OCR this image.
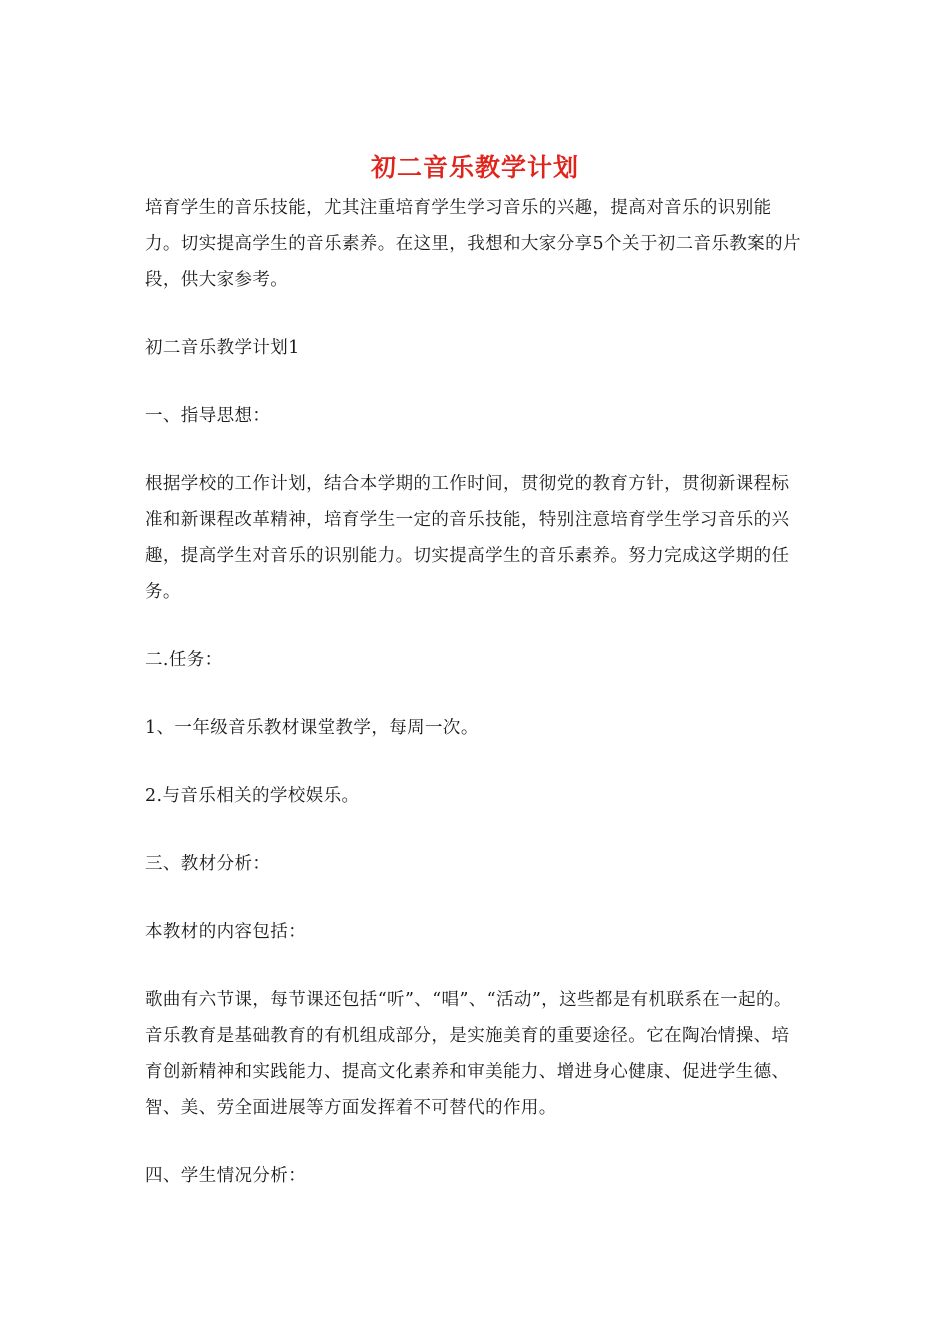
初二音乐教学计划

培育学生的音乐技能，尤其注重培育学生学习音乐的兴趣，提高对音乐的识别能力。切实提高学生的音乐素养。在这里，我想和大家分享5个关于初二音乐教案的片段，供大家参考。

初二音乐教学计划1

一、指导思想：

根据学校的工作计划，结合本学期的工作时间，贯彻党的教育方针，贯彻新课程标准和新课程改革精神，培育学生一定的音乐技能，特别注意培育学生学习音乐的兴趣，提高学生对音乐的识别能力。切实提高学生的音乐素养。努力完成这学期的任务。

二.任务：

1、一年级音乐教材课堂教学，每周一次。

2.与音乐相关的学校娱乐。

三、教材分析：

本教材的内容包括：

歌曲有六节课，每节课还包括“听”、“唱”、“活动”，这些都是有机联系在一起的。音乐教育是基础教育的有机组成部分，是实施美育的重要途径。它在陶冶情操、培育创新精神和实践能力、提高文化素养和审美能力、增进身心健康、促进学生德、智、美、劳全面进展等方面发挥着不可替代的作用。

四、学生情况分析：
